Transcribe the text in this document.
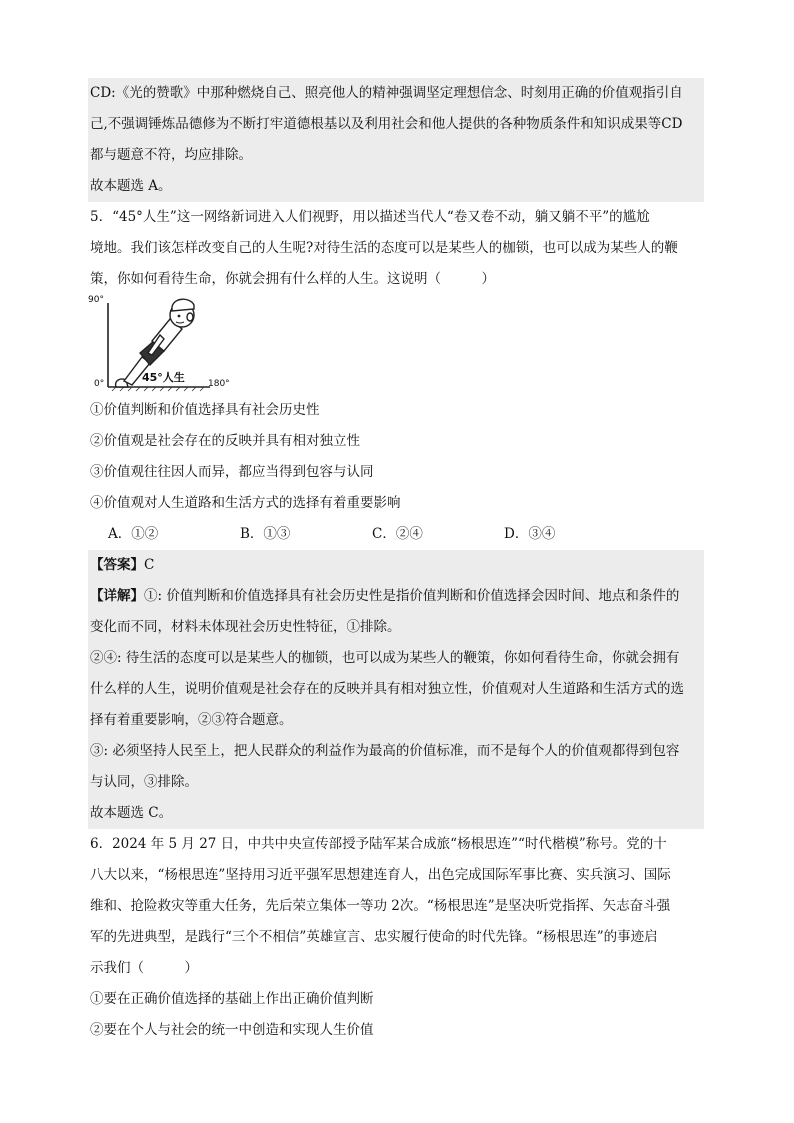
CD:《光的赞歌》中那种燃烧自己、照亮他人的精神强调坚定理想信念、时刻用正确的价值观指引自
己,不强调锤炼品德修为不断打牢道德根基以及利用社会和他人提供的各种物质条件和知识成果等CD
都与题意不符，均应排除。
故本题选 A。
5．“45°人生”这一网络新词进入人们视野，用以描述当代人“卷又卷不动，躺又躺不平”的尴尬
境地。我们该怎样改变自己的人生呢?对待生活的态度可以是某些人的枷锁，也可以成为某些人的鞭
策，你如何看待生命，你就会拥有什么样的人生。这说明（　　　）
90°
0°	180°
45°人生
①价值判断和价值选择具有社会历史性
②价值观是社会存在的反映并具有相对独立性
③价值观往往因人而异，都应当得到包容与认同
④价值观对人生道路和生活方式的选择有着重要影响
A．①②	B．①③	C．②④	D．③④
【答案】C
【详解】①: 价值判断和价值选择具有社会历史性是指价值判断和价值选择会因时间、地点和条件的
变化而不同，材料未体现社会历史性特征，①排除。
②④: 待生活的态度可以是某些人的枷锁，也可以成为某些人的鞭策，你如何看待生命，你就会拥有
什么样的人生，说明价值观是社会存在的反映并具有相对独立性，价值观对人生道路和生活方式的选
择有着重要影响，②③符合题意。
③: 必须坚持人民至上，把人民群众的利益作为最高的价值标准，而不是每个人的价值观都得到包容
与认同，③排除。
故本题选 C。
6．2024 年 5 月 27 日，中共中央宣传部授予陆军某合成旅“杨根思连”“时代楷模”称号。党的十
八大以来，“杨根思连”坚持用习近平强军思想建连育人，出色完成国际军事比赛、实兵演习、国际
维和、抢险救灾等重大任务，先后荣立集体一等功 2次。“杨根思连”是坚决听党指挥、矢志奋斗强
军的先进典型，是践行“三个不相信”英雄宣言、忠实履行使命的时代先锋。“杨根思连”的事迹启
示我们（　　　）
①要在正确价值选择的基础上作出正确价值判断
②要在个人与社会的统一中创造和实现人生价值
